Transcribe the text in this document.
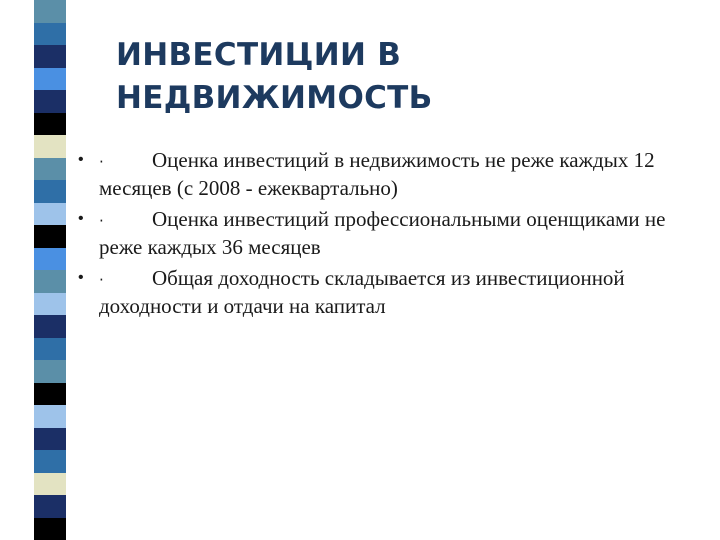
ИНВЕСТИЦИИ В
НЕДВИЖИМОСТЬ
• · Оценка инвестиций в недвижимость не реже каждых 12 месяцев (с 2008 - ежеквартально)
• · Оценка инвестиций профессиональными оценщиками не реже каждых 36 месяцев
• · Общая доходность складывается из инвестиционной доходности и отдачи на капитал
